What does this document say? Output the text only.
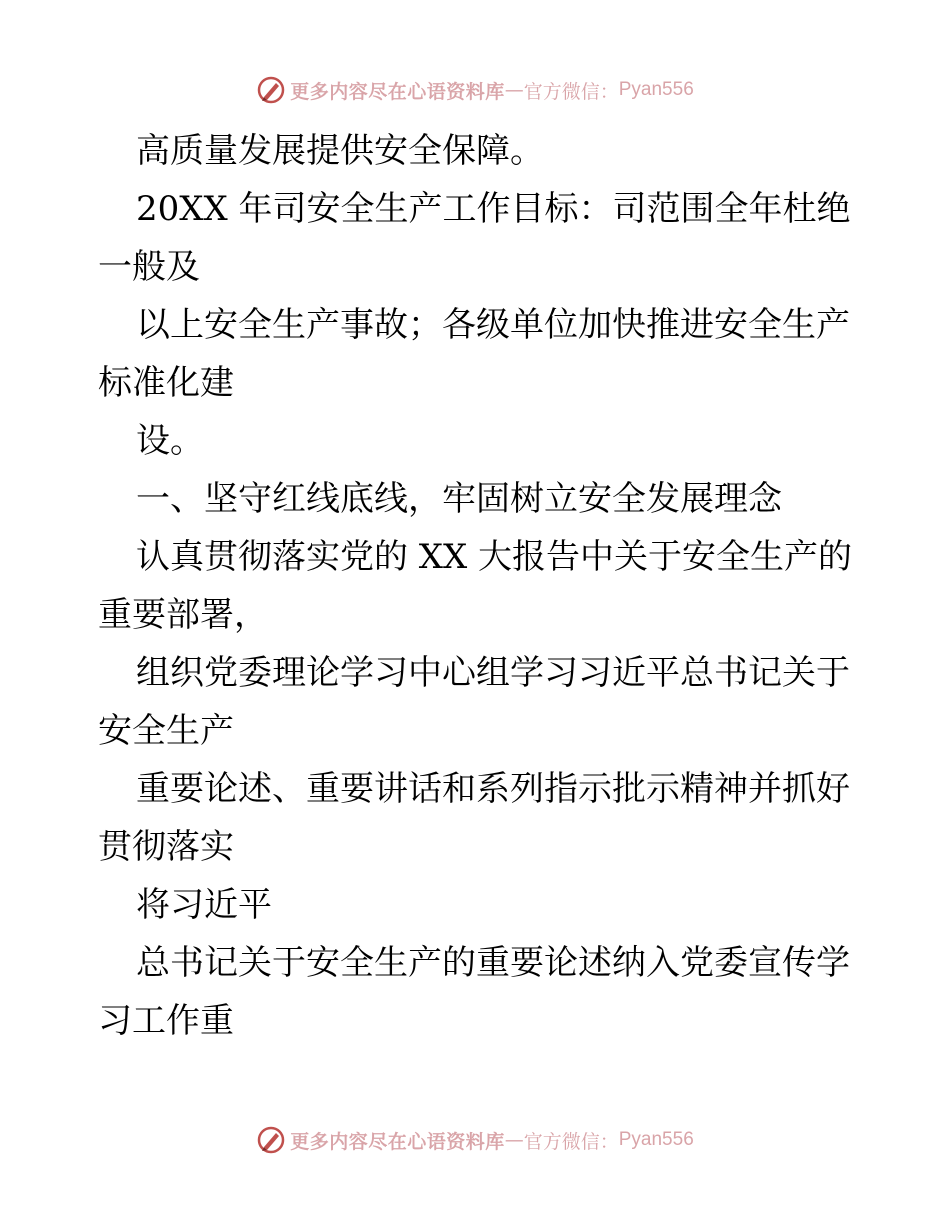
更多内容尽在心语资料库 — 官方微信： Pyan556
高质量发展提供安全保障。
20XX 年司安全生产工作目标：司范围全年杜绝
一般及
以上安全生产事故；各级单位加快推进安全生产
标准化建
设。
一、坚守红线底线，牢固树立安全发展理念
认真贯彻落实党的 XX 大报告中关于安全生产的
重要部署，
组织党委理论学习中心组学习习近平总书记关于
安全生产
重要论述、重要讲话和系列指示批示精神并抓好
贯彻落实
将习近平
总书记关于安全生产的重要论述纳入党委宣传学
习工作重
更多内容尽在心语资料库 — 官方微信： Pyan556
